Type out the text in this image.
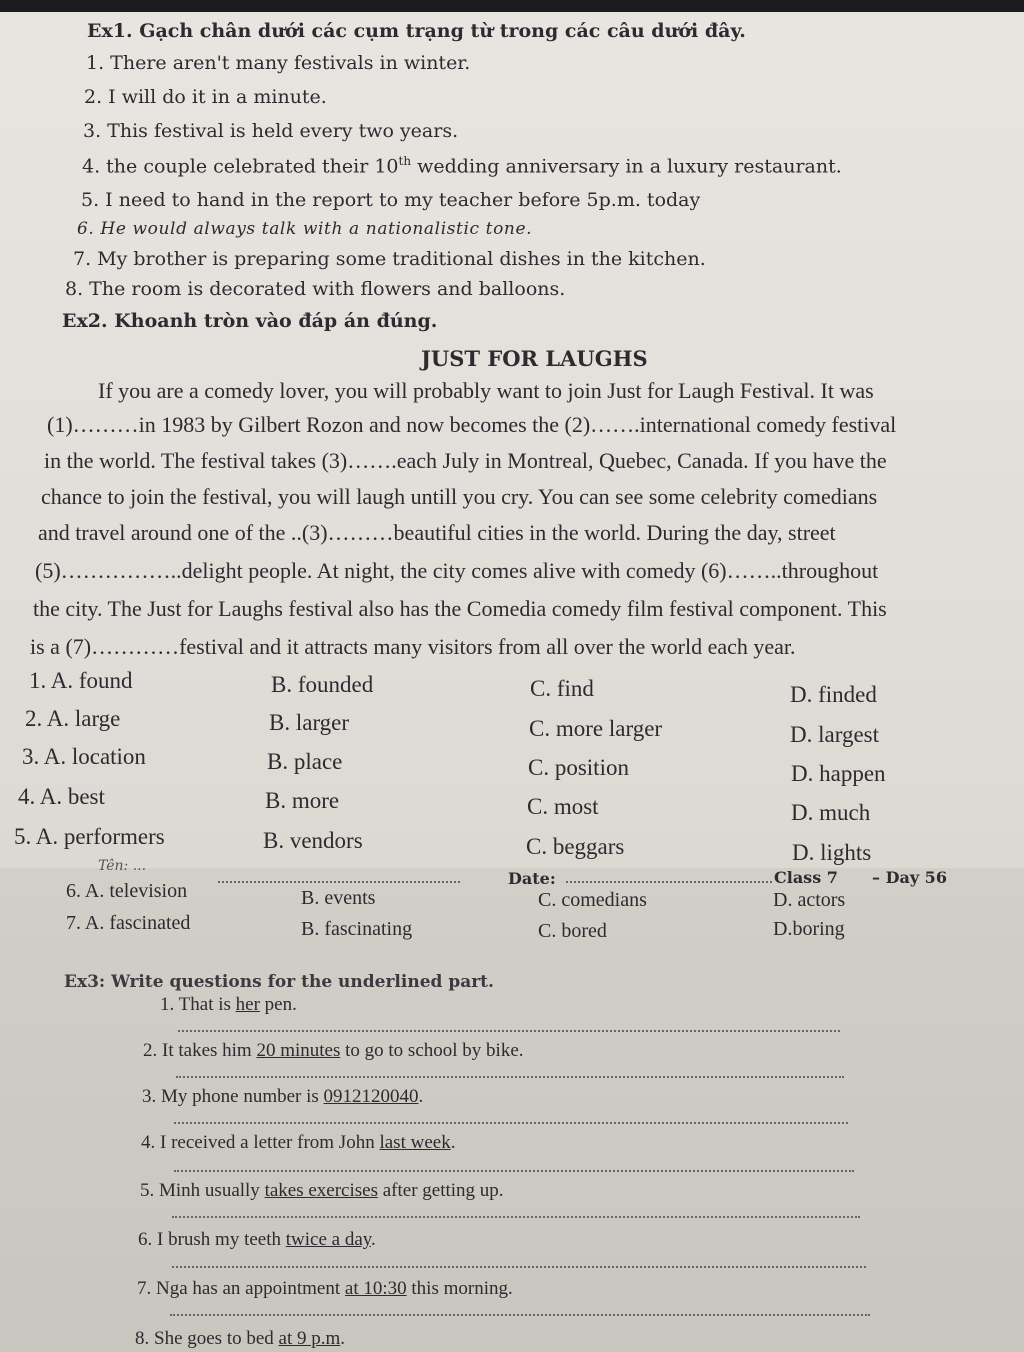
Ex1. Gạch chân dưới các cụm trạng từ trong các câu dưới đây.
1. There aren't many festivals in winter.
2. I will do it in a minute.
3. This festival is held every two years.
4. the couple celebrated their 10th wedding anniversary in a luxury restaurant.
5. I need to hand in the report to my teacher before 5p.m. today
6. He would always talk with a nationalistic tone.
7. My brother is preparing some traditional dishes in the kitchen.
8. The room is decorated with flowers and balloons.
Ex2. Khoanh tròn vào đáp án đúng.
JUST FOR LAUGHS
If you are a comedy lover, you will probably want to join Just for Laugh Festival. It was
(1)………in 1983 by Gilbert Rozon and now becomes the (2)…….international comedy festival
in the world. The festival takes (3)…….each July in Montreal, Quebec, Canada. If you have the
chance to join the festival, you will laugh untill you cry. You can see some celebrity comedians
and travel around one of the ..(3)………beautiful cities in the world. During the day, street
(5)……………..delight people. At night, the city comes alive with comedy (6)……..throughout
the city. The Just for Laughs festival also has the Comedia comedy film festival component. This
is a (7)…………festival and it attracts many visitors from all over the world each year.
1. A. found	B. founded	C. find	D. finded
2. A. large	B. larger	C. more larger	D. largest
3. A. location	B. place	C. position	D. happen
4. A. best	B. more	C. most	D. much
5. A. performers	B. vendors	C. beggars	D. lights
Tên: ...
Date:	Class 7 – Day 56
6. A. television	B. events	C. comedians	D. actors
7. A. fascinated	B. fascinating	C. bored	D.boring
Ex3: Write questions for the underlined part.
1. That is her pen.
2. It takes him 20 minutes to go to school by bike.
3. My phone number is 0912120040.
4. I received a letter from John last week.
5. Minh usually takes exercises after getting up.
6. I brush my teeth twice a day.
7. Nga has an appointment at 10:30 this morning.
8. She goes to bed at 9 p.m.
